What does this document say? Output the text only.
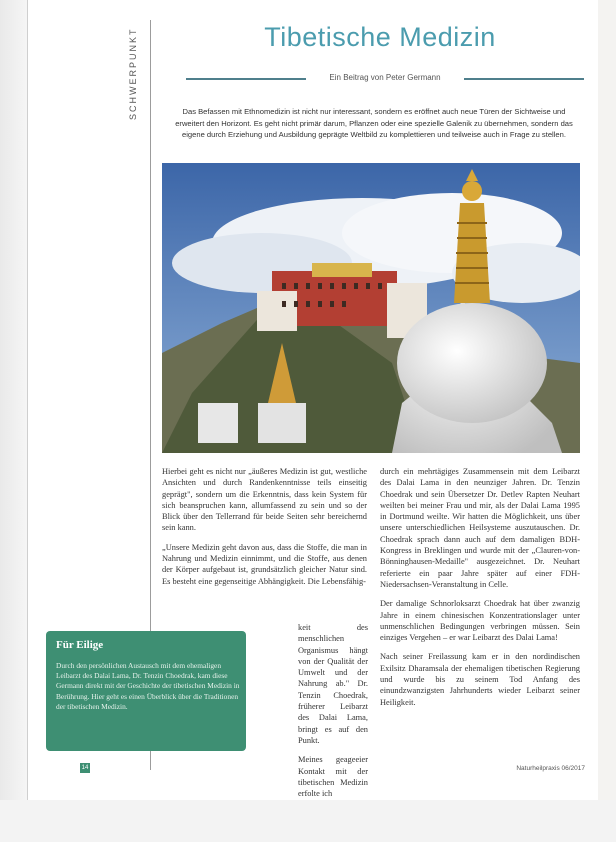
SCHWERPUNKT	Tibetische Medizin
Ein Beitrag von Peter Germann
Das Befassen mit Ethnomedizin ist nicht nur interessant, sondern es eröffnet auch neue Türen der Sichtweise und erweitert den Horizont. Es geht nicht primär darum, Pflanzen oder eine spezielle Galenik zu übernehmen, sondern das eigene durch Erziehung und Ausbildung geprägte Weltbild zu komplettieren und teilweise auch in Frage zu stellen.

Hierbei geht es nicht nur „äußeres Medizin ist gut, westliche Ansichten und durch Randenkenntnisse teils einseitig geprägt", sondern um die Erkenntnis, dass kein System für sich beanspruchen kann, allumfassend zu sein und so der Blick über den Tellerrand für beide Seiten sehr bereichernd sein kann.

„Unsere Medizin geht davon aus, dass die Stoffe, die man in Nahrung und Medizin einnimmt, und die Stoffe, aus denen der Körper aufgebaut ist, grundsätzlich gleicher Natur sind. Es besteht eine gegenseitige Abhängigkeit. Die Lebensfähig-

keit des menschlichen Organismus hängt von der Qualität der Umwelt und der Nahrung ab." Dr. Tenzin Choedrak, früherer Leibarzt des Dalai Lama, bringt es auf den Punkt.

Meines geageeier Kontakt mit der tibetischen Medizin erfolte ich

durch ein mehrtägiges Zusammensein mit dem Leibarzt des Dalai Lama in den neunziger Jahren. Dr. Tenzin Choedrak und sein Übersetzer Dr. Detlev Rapten Neuhart weilten bei meiner Frau und mir, als der Dalai Lama 1995 in Dortmund weilte. Wir hatten die Möglichkeit, uns über unsere unterschiedlichen Heilsysteme auszutauschen. Dr. Choedrak sprach dann auch auf dem damaligen BDH-Kongress in Breklingen und wurde mit der „Clauren-von-Bönninghausen-Medaille" ausgezeichnet. Dr. Neuhart referierte ein paar Jahre später auf einer FDH-Niedersachsen-Veranstaltung in Celle.

Der damalige Schnorloksarzt Choedrak hat über zwanzig Jahre in einem chinesischen Konzentrationslager unter unmenschlichen Bedingungen verbringen müssen. Sein einziges Vergehen – er war Leibarzt des Dalai Lama!

Nach seiner Freilassung kam er in den nordindischen Exilsitz Dharamsala der ehemaligen tibetischen Regierung und wurde bis zu seinem Tod Anfang des einundzwanzigsten Jahrhunderts wieder Leibarzt seiner Heiligkeit.

Für Eilige
Durch den persönlichen Austausch mit dem ehemaligen Leibarzt des Dalai Lama, Dr. Tenzin Choedrak, kam diese Germann direkt mit der Geschichte der tibetischen Medizin in Berührung. Hier geht es einen Überblick über die Traditionen der tibetischen Medizin.
14	Naturheilpraxis 06/2017
